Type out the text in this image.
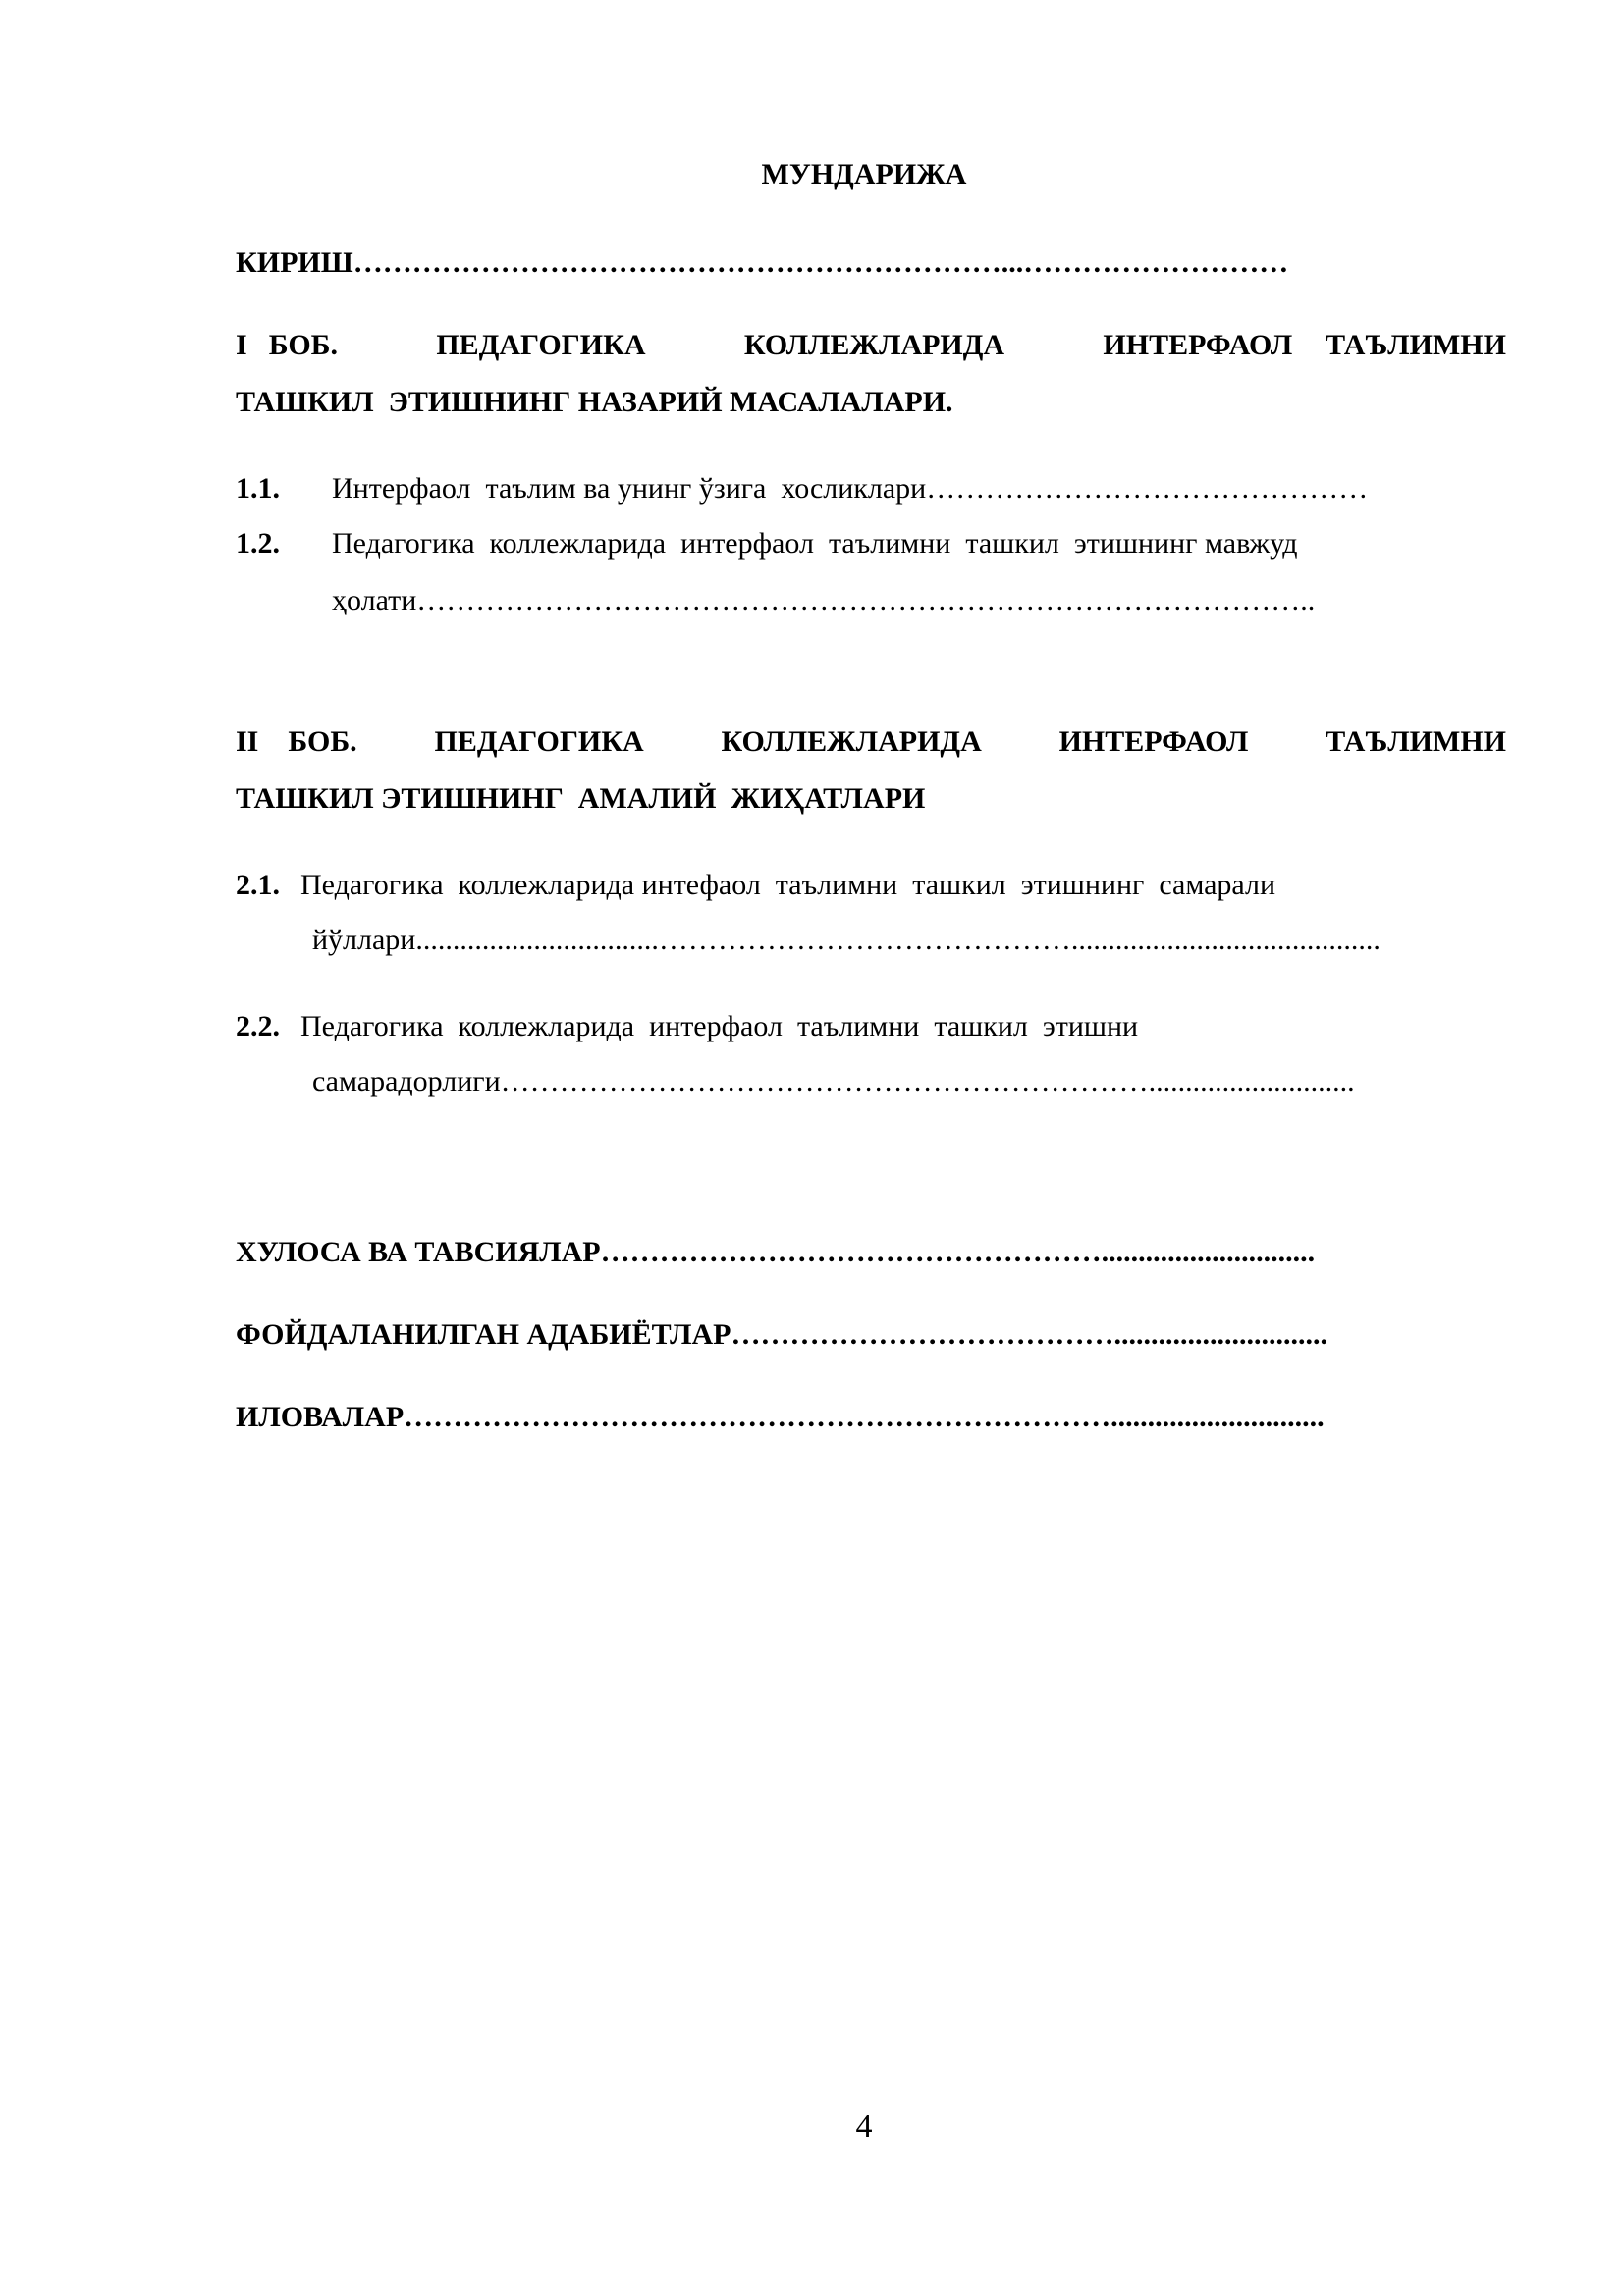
МУНДАРИЖА
КИРИШ…………………………………………………………...………………………
I БОБ.	ПЕДАГОГИКА	КОЛЛЕЖЛАРИДА	ИНТЕРФАОЛ ТАЪЛИМНИ
ТАШКИЛ  ЭТИШНИНГ НАЗАРИЙ МАСАЛАЛАРИ.
1.1. Интерфаол  таълим ва унинг ўзига  хосликлари………………………………………
1.2. Педагогика  коллежларида  интерфаол  таълимни  ташкил  этишнинг мавжуд
ҳолати………………………………………………………………………………..
II БОБ.	ПЕДАГОГИКА	КОЛЛЕЖЛАРИДА	ИНТЕРФАОЛ	ТАЪЛИМНИ
ТАШКИЛ ЭТИШНИНГ  АМАЛИЙ  ЖИҲАТЛАРИ
2.1. Педагогика  коллежларида интефаол  таълимни  ташкил  этишнинг  самарали
йўллари.................................……………………………………..........................................
2.2. Педагогика  коллежларида  интерфаол  таълимни  ташкил  этишни
самарадорлиги…………………………………………………………............................
ХУЛОСА ВА ТАВСИЯЛАР…………………………………………….............................
ФОЙДАЛАНИЛГАН АДАБИЁТЛАР………………………………….............................
ИЛОВАЛАР……………………………………………………………….............................
4
